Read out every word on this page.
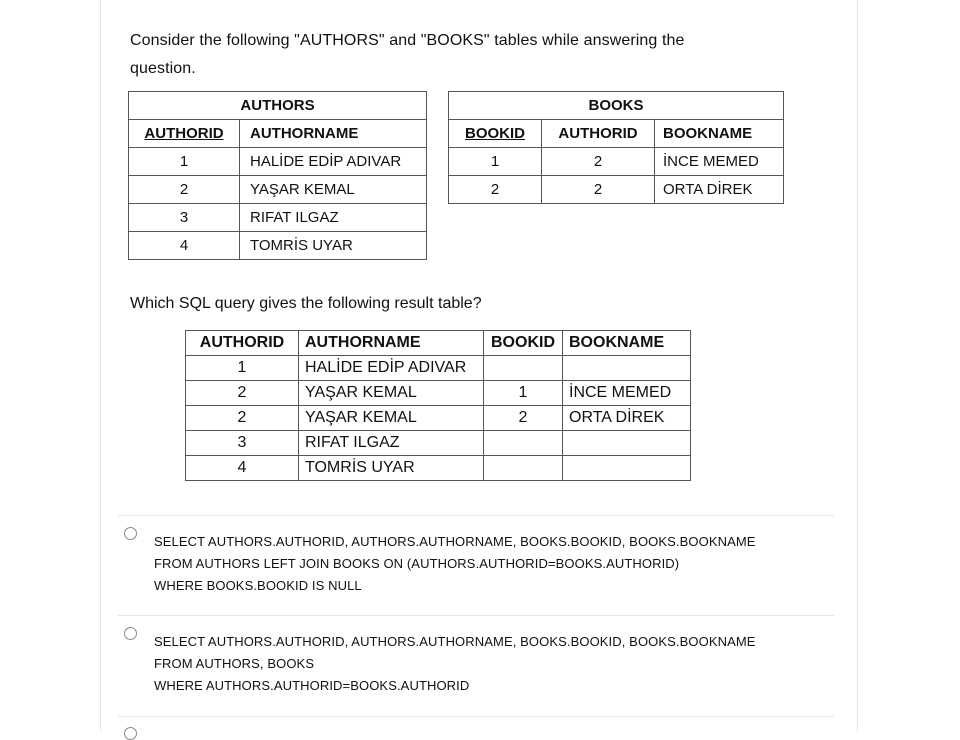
Consider the following "AUTHORS" and "BOOKS" tables while answering the
question.
AUTHORS	
AUTHORID	AUTHORNAME
1	HALİDE EDİP ADIVAR
2	YAŞAR KEMAL
3	RIFAT ILGAZ
4	TOMRİS UYAR
BOOKS		
BOOKID	AUTHORID	BOOKNAME
1	2	İNCE MEMED
2	2	ORTA DİREK
Which SQL query gives the following result table?
AUTHORID	AUTHORNAME	BOOKID	BOOKNAME
1	HALİDE EDİP ADIVAR		
2	YAŞAR KEMAL	1	İNCE MEMED
2	YAŞAR KEMAL	2	ORTA DİREK
3	RIFAT ILGAZ		
4	TOMRİS UYAR		
SELECT AUTHORS.AUTHORID, AUTHORS.AUTHORNAME, BOOKS.BOOKID, BOOKS.BOOKNAME
FROM AUTHORS LEFT JOIN BOOKS ON (AUTHORS.AUTHORID=BOOKS.AUTHORID)
WHERE BOOKS.BOOKID IS NULL
SELECT AUTHORS.AUTHORID, AUTHORS.AUTHORNAME, BOOKS.BOOKID, BOOKS.BOOKNAME
FROM AUTHORS, BOOKS
WHERE AUTHORS.AUTHORID=BOOKS.AUTHORID
